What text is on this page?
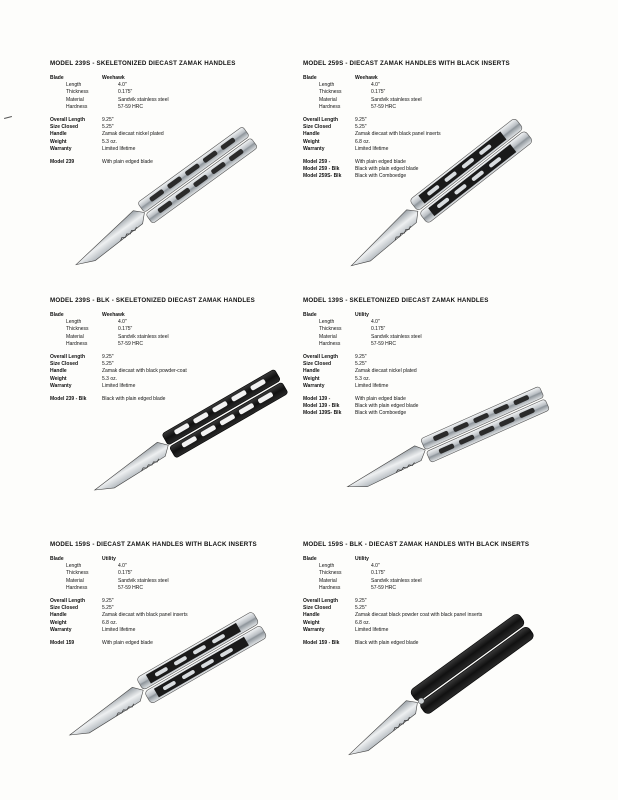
MODEL 239S - SKELETONIZED DIECAST ZAMAK HANDLES
Blade	Weehawk
Length	4.0"
Thickness	0.175"
Material	Sandvik stainless steel
Hardness	57-59 HRC
Overall Length	9.25"
Size Closed	5.25"
Handle	Zamak diecast nickel plated
Weight	5.3 oz.
Warranty	Limited lifetime
Model 239	With plain edged blade
MODEL 259S - DIECAST ZAMAK HANDLES WITH BLACK INSERTS
Blade	Weehawk
Length	4.0"
Thickness	0.175"
Material	Sandvik stainless steel
Hardness	57-59 HRC
Overall Length	9.25"
Size Closed	5.25"
Handle	Zamak diecast with black panel inserts
Weight	6.8 oz.
Warranty	Limited lifetime
Model 259 -	With plain edged blade
Model 259 - Blk	Black with plain edged blade
Model 259S- Blk	Black with Comboedge
MODEL 239S - BLK - SKELETONIZED DIECAST ZAMAK HANDLES
Blade	Weehawk
Length	4.0"
Thickness	0.175"
Material	Sandvik stainless steel
Hardness	57-59 HRC
Overall Length	9.25"
Size Closed	5.25"
Handle	Zamak diecast with black powder-coat
Weight	5.3 oz.
Warranty	Limited lifetime
Model 239 - Blk	Black with plain edged blade
MODEL 139S - SKELETONIZED DIECAST ZAMAK HANDLES
Blade	Utility
Length	4.0"
Thickness	0.175"
Material	Sandvik stainless steel
Hardness	57-59 HRC
Overall Length	9.25"
Size Closed	5.25"
Handle	Zamak diecast nickel plated
Weight	5.3 oz.
Warranty	Limited lifetime
Model 139 -	With plain edged blade
Model 139 - Blk	Black with plain edged blade
Model 139S- Blk	Black with Comboedge
MODEL 159S - DIECAST ZAMAK HANDLES WITH BLACK INSERTS
Blade	Utility
Length	4.0"
Thickness	0.175"
Material	Sandvik stainless steel
Hardness	57-59 HRC
Overall Length	9.25"
Size Closed	5.25"
Handle	Zamak diecast with black panel inserts
Weight	6.8 oz.
Warranty	Limited lifetime
Model 159	With plain edged blade
MODEL 159S - BLK - DIECAST ZAMAK HANDLES WITH BLACK INSERTS
Blade	Utility
Length	4.0"
Thickness	0.175"
Material	Sandvik stainless steel
Hardness	57-59 HRC
Overall Length	9.25"
Size Closed	5.25"
Handle	Zamak diecast black powder coat with black panel inserts
Weight	6.8 oz.
Warranty	Limited lifetime
Model 159 - Blk	Black with plain edged blade
